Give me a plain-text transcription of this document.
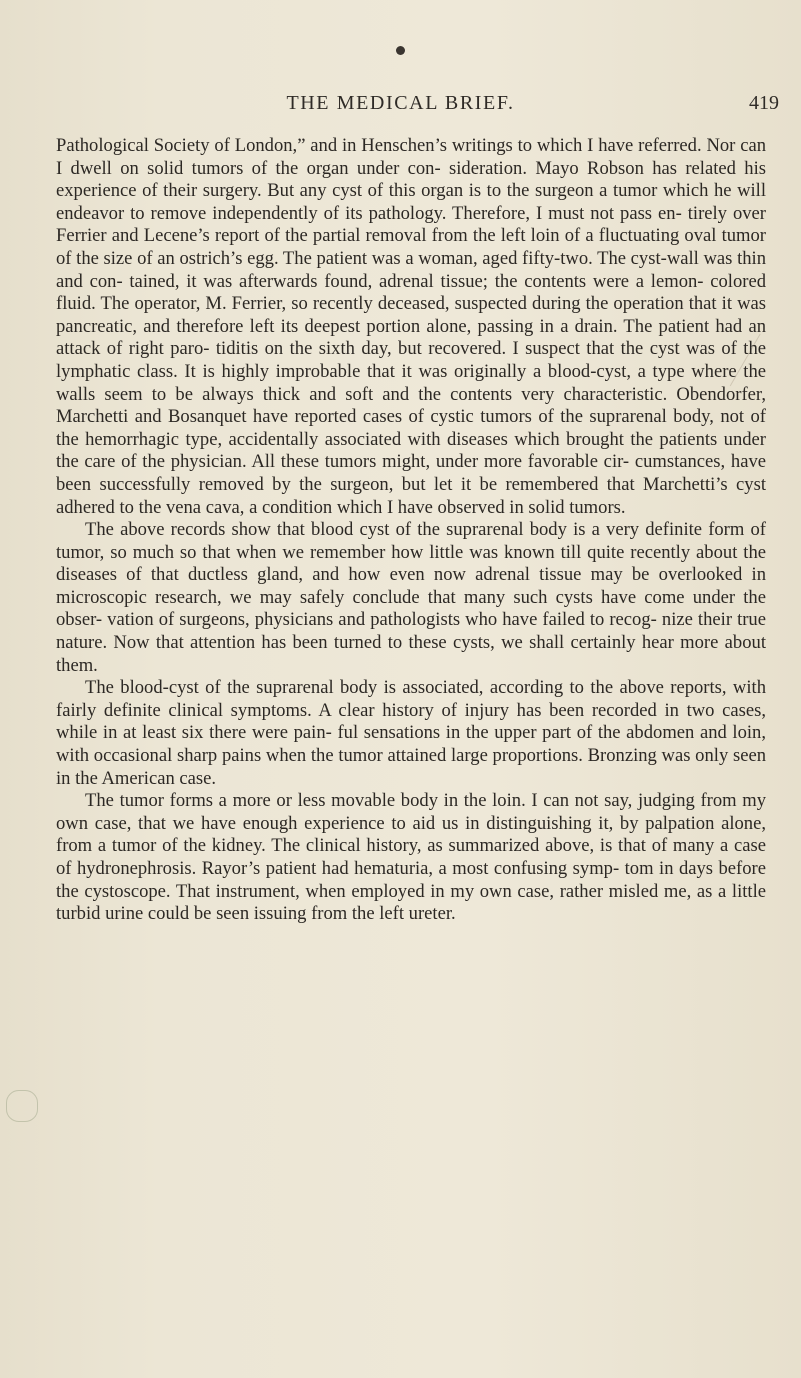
THE MEDICAL BRIEF.	419

Pathological Society of London,” and in Henschen’s writings to which I have referred. Nor can I dwell on solid tumors of the organ under con- sideration. Mayo Robson has related his experience of their surgery. But any cyst of this organ is to the surgeon a tumor which he will endeavor to remove independently of its pathology. Therefore, I must not pass en- tirely over Ferrier and Lecene’s report of the partial removal from the left loin of a fluctuating oval tumor of the size of an ostrich’s egg. The patient was a woman, aged fifty-two. The cyst-wall was thin and con- tained, it was afterwards found, adrenal tissue; the contents were a lemon- colored fluid. The operator, M. Ferrier, so recently deceased, suspected during the operation that it was pancreatic, and therefore left its deepest portion alone, passing in a drain. The patient had an attack of right paro- tiditis on the sixth day, but recovered. I suspect that the cyst was of the lymphatic class. It is highly improbable that it was originally a blood-cyst, a type where the walls seem to be always thick and soft and the contents very characteristic. Obendorfer, Marchetti and Bosanquet have reported cases of cystic tumors of the suprarenal body, not of the hemorrhagic type, accidentally associated with diseases which brought the patients under the care of the physician. All these tumors might, under more favorable cir- cumstances, have been successfully removed by the surgeon, but let it be remembered that Marchetti’s cyst adhered to the vena cava, a condition which I have observed in solid tumors.

The above records show that blood cyst of the suprarenal body is a very definite form of tumor, so much so that when we remember how little was known till quite recently about the diseases of that ductless gland, and how even now adrenal tissue may be overlooked in microscopic research, we may safely conclude that many such cysts have come under the obser- vation of surgeons, physicians and pathologists who have failed to recog- nize their true nature. Now that attention has been turned to these cysts, we shall certainly hear more about them.

The blood-cyst of the suprarenal body is associated, according to the above reports, with fairly definite clinical symptoms. A clear history of injury has been recorded in two cases, while in at least six there were pain- ful sensations in the upper part of the abdomen and loin, with occasional sharp pains when the tumor attained large proportions. Bronzing was only seen in the American case.

The tumor forms a more or less movable body in the loin. I can not say, judging from my own case, that we have enough experience to aid us in distinguishing it, by palpation alone, from a tumor of the kidney. The clinical history, as summarized above, is that of many a case of hydronephrosis. Rayor’s patient had hematuria, a most confusing symp- tom in days before the cystoscope. That instrument, when employed in my own case, rather misled me, as a little turbid urine could be seen issuing from the left ureter.
